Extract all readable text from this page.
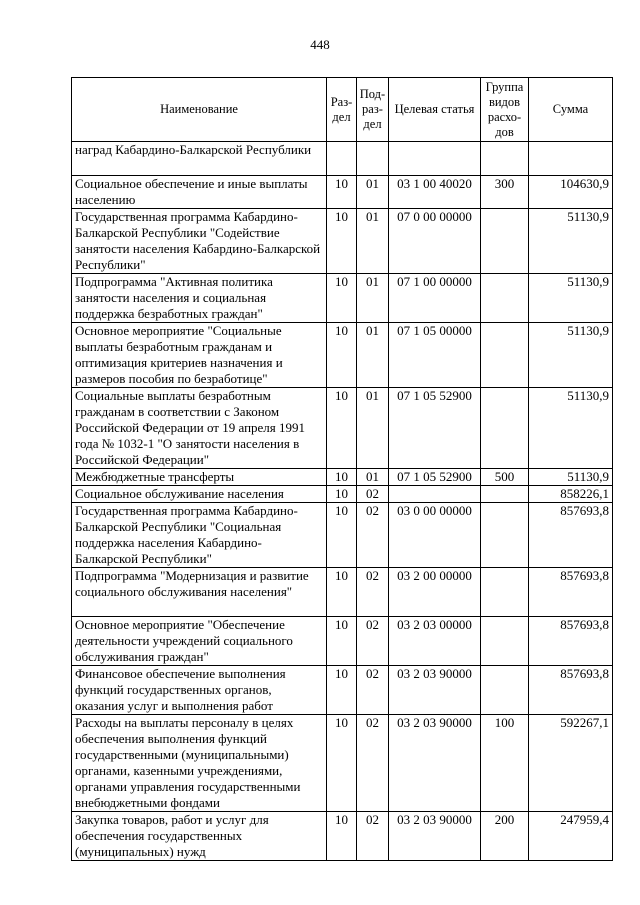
448
Наименование	Раз-дел	Под-раз-дел	Целевая статья	Группа видов расхо-дов	Сумма
наград Кабардино-Балкарской Республики					
Социальное обеспечение и иные выплаты населению	10	01	03 1 00 40020	300	104630,9
Государственная программа Кабардино-Балкарской Республики "Содействие занятости населения Кабардино-Балкарской Республики"	10	01	07 0 00 00000		51130,9
Подпрограмма "Активная политика занятости населения и социальная поддержка безработных граждан"	10	01	07 1 00 00000		51130,9
Основное мероприятие "Социальные выплаты безработным гражданам и оптимизация критериев назначения и размеров пособия по безработице"	10	01	07 1 05 00000		51130,9
Социальные выплаты безработным гражданам в соответствии с Законом Российской Федерации от 19 апреля 1991 года № 1032-1 "О занятости населения в Российской Федерации"	10	01	07 1 05 52900		51130,9
Межбюджетные трансферты	10	01	07 1 05 52900	500	51130,9
Социальное обслуживание населения	10	02			858226,1
Государственная программа Кабардино-Балкарской Республики "Социальная поддержка населения Кабардино-Балкарской Республики"	10	02	03 0 00 00000		857693,8
Подпрограмма "Модернизация и развитие социального обслуживания населения"	10	02	03 2 00 00000		857693,8
Основное мероприятие "Обеспечение деятельности учреждений социального обслуживания граждан"	10	02	03 2 03 00000		857693,8
Финансовое обеспечение выполнения функций государственных органов, оказания услуг и выполнения работ	10	02	03 2 03 90000		857693,8
Расходы на выплаты персоналу в целях обеспечения выполнения функций государственными (муниципальными) органами, казенными учреждениями, органами управления государственными внебюджетными фондами	10	02	03 2 03 90000	100	592267,1
Закупка товаров, работ и услуг для обеспечения государственных (муниципальных) нужд	10	02	03 2 03 90000	200	247959,4
